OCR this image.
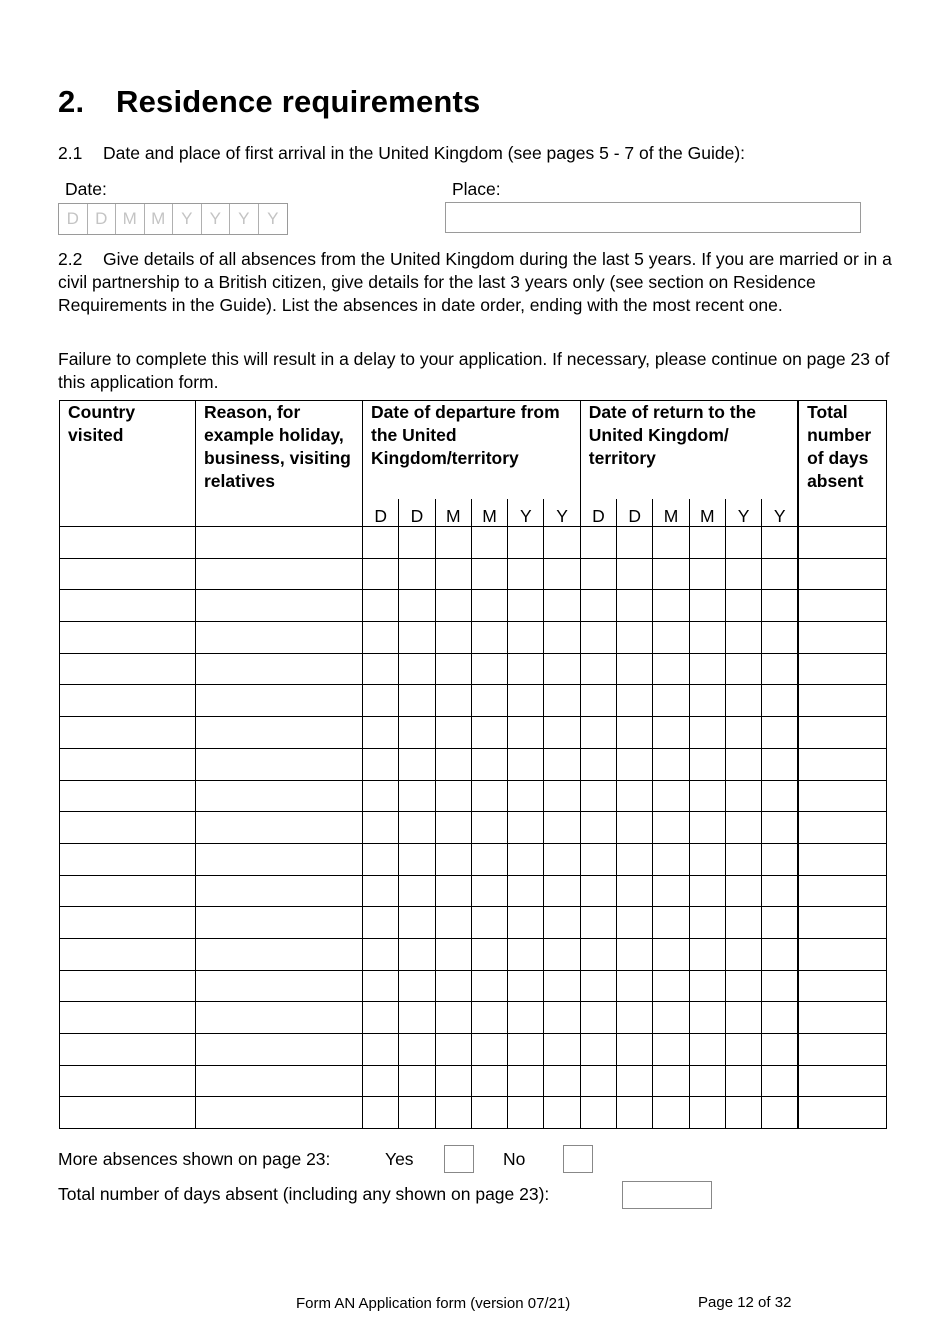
2. Residence requirements
2.1 Date and place of first arrival in the United Kingdom (see pages 5 - 7 of the Guide):
Date:	Place:
D D M M Y	Y	Y	Y
2.2 Give details of all absences from the United Kingdom during the last 5 years. If you are married or in a civil partnership to a British citizen, give details for the last 3 years only (see section on Residence Requirements in the Guide). List the absences in date order, ending with the most recent one.
Failure to complete this will result in a delay to your application. If necessary, please continue on page 23 of this application form.
Country visited	Reason, for example holiday, business, visiting relatives	Date of departure from the United Kingdom/territory						Date of return to the United Kingdom/ territory						Total number of days absent
		D	D	M	M	Y	Y	D	D	M	M	Y	Y	

More absences shown on page 23:	Yes	No
Total number of days absent (including any shown on page 23):
Form AN Application form (version 07/21)	Page 12 of 32
